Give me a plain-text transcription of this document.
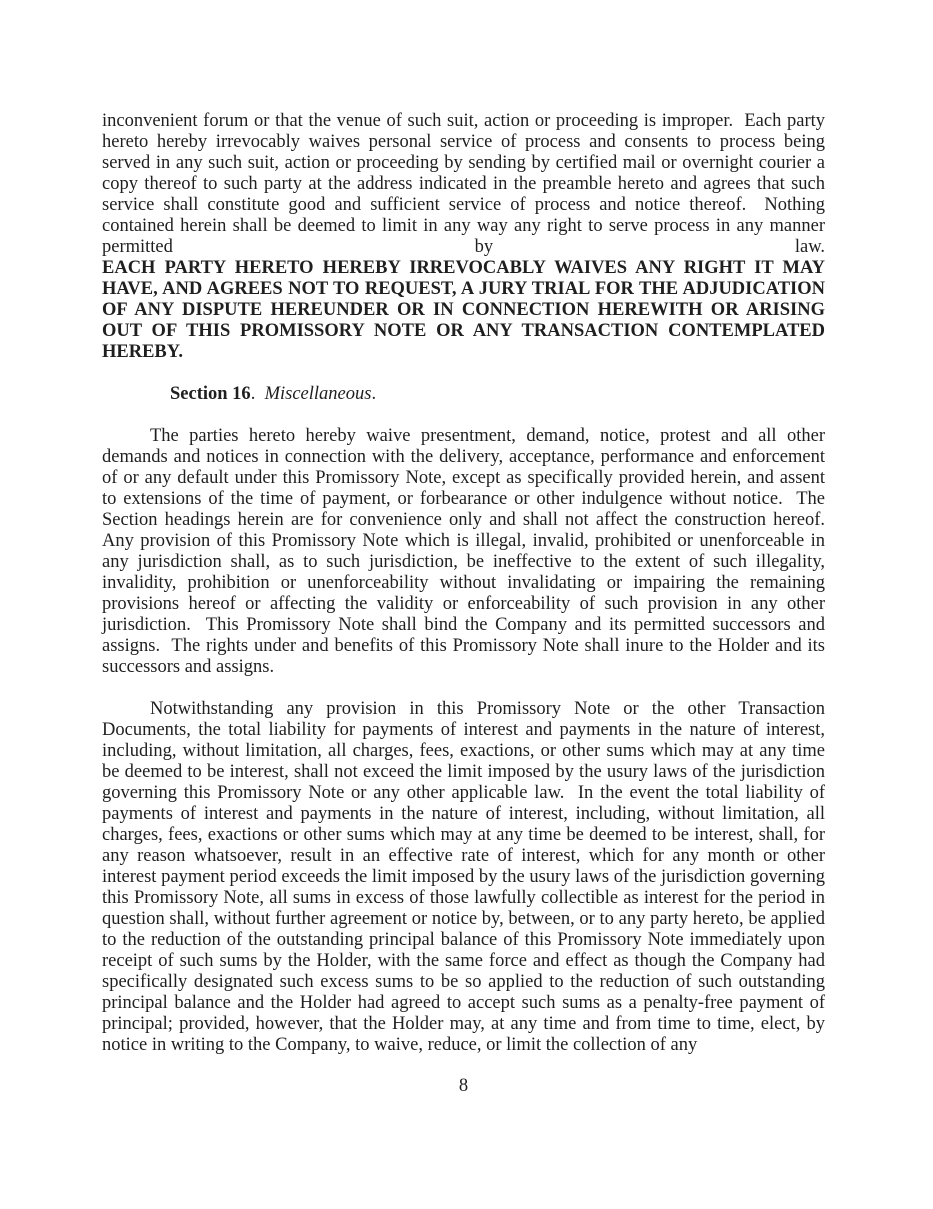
inconvenient forum or that the venue of such suit, action or proceeding is improper.  Each party hereto hereby irrevocably waives personal service of process and consents to process being served in any such suit, action or proceeding by sending by certified mail or overnight courier a copy thereof to such party at the address indicated in the preamble hereto and agrees that such service shall constitute good and sufficient service of process and notice thereof.  Nothing contained herein shall be deemed to limit in any way any right to serve process in any manner permitted by law.

EACH PARTY HERETO HEREBY IRREVOCABLY WAIVES ANY RIGHT IT MAY HAVE, AND AGREES NOT TO REQUEST, A JURY TRIAL FOR THE ADJUDICATION OF ANY DISPUTE HEREUNDER OR IN CONNECTION HEREWITH OR ARISING OUT OF THIS PROMISSORY NOTE OR ANY TRANSACTION CONTEMPLATED HEREBY.

Section 16.  Miscellaneous.

The parties hereto hereby waive presentment, demand, notice, protest and all other demands and notices in connection with the delivery, acceptance, performance and enforcement of or any default under this Promissory Note, except as specifically provided herein, and assent to extensions of the time of payment, or forbearance or other indulgence without notice.  The Section headings herein are for convenience only and shall not affect the construction hereof.  Any provision of this Promissory Note which is illegal, invalid, prohibited or unenforceable in any jurisdiction shall, as to such jurisdiction, be ineffective to the extent of such illegality, invalidity, prohibition or unenforceability without invalidating or impairing the remaining provisions hereof or affecting the validity or enforceability of such provision in any other jurisdiction.  This Promissory Note shall bind the Company and its permitted successors and assigns.  The rights under and benefits of this Promissory Note shall inure to the Holder and its successors and assigns.

Notwithstanding any provision in this Promissory Note or the other Transaction Documents, the total liability for payments of interest and payments in the nature of interest, including, without limitation, all charges, fees, exactions, or other sums which may at any time be deemed to be interest, shall not exceed the limit imposed by the usury laws of the jurisdiction governing this Promissory Note or any other applicable law.  In the event the total liability of payments of interest and payments in the nature of interest, including, without limitation, all charges, fees, exactions or other sums which may at any time be deemed to be interest, shall, for any reason whatsoever, result in an effective rate of interest, which for any month or other interest payment period exceeds the limit imposed by the usury laws of the jurisdiction governing this Promissory Note, all sums in excess of those lawfully collectible as interest for the period in question shall, without further agreement or notice by, between, or to any party hereto, be applied to the reduction of the outstanding principal balance of this Promissory Note immediately upon receipt of such sums by the Holder, with the same force and effect as though the Company had specifically designated such excess sums to be so applied to the reduction of such outstanding principal balance and the Holder had agreed to accept such sums as a penalty-free payment of principal; provided, however, that the Holder may, at any time and from time to time, elect, by notice in writing to the Company, to waive, reduce, or limit the collection of any

8
